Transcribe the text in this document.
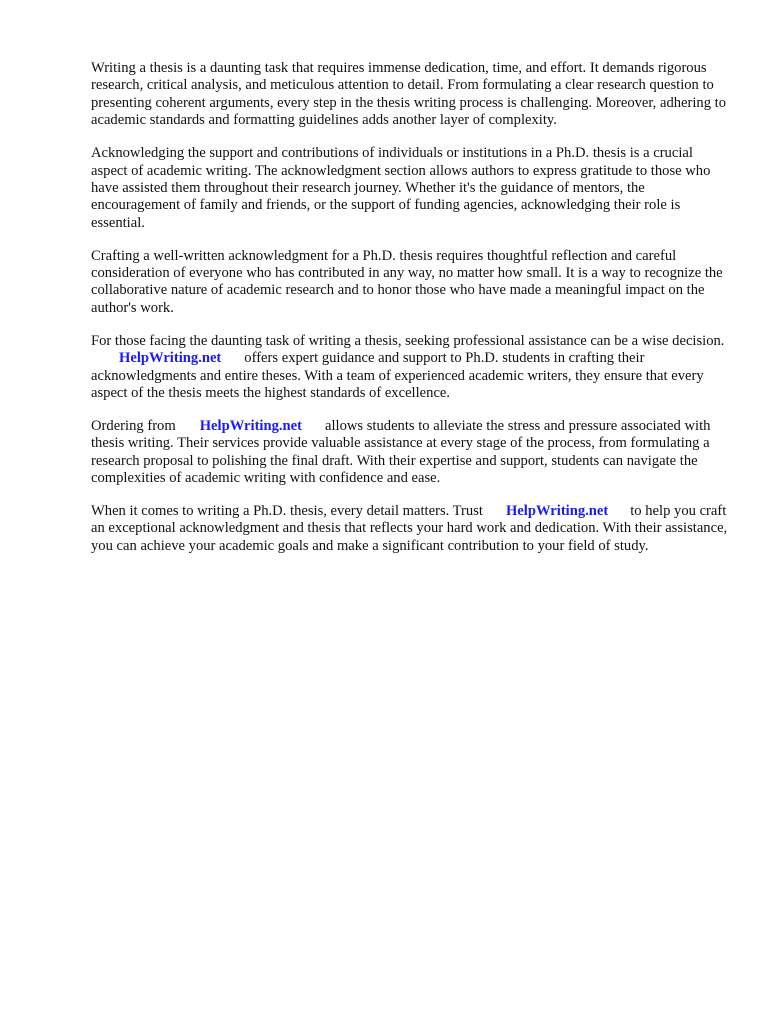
Writing a thesis is a daunting task that requires immense dedication, time, and effort. It demands rigorous research, critical analysis, and meticulous attention to detail. From formulating a clear research question to presenting coherent arguments, every step in the thesis writing process is challenging. Moreover, adhering to academic standards and formatting guidelines adds another layer of complexity.

Acknowledging the support and contributions of individuals or institutions in a Ph.D. thesis is a crucial aspect of academic writing. The acknowledgment section allows authors to express gratitude to those who have assisted them throughout their research journey. Whether it's the guidance of mentors, the encouragement of family and friends, or the support of funding agencies, acknowledging their role is essential.

Crafting a well-written acknowledgment for a Ph.D. thesis requires thoughtful reflection and careful consideration of everyone who has contributed in any way, no matter how small. It is a way to recognize the collaborative nature of academic research and to honor those who have made a meaningful impact on the author's work.

For those facing the daunting task of writing a thesis, seeking professional assistance can be a wise decision.HelpWriting.net offers expert guidance and support to Ph.D. students in crafting their acknowledgments and entire theses. With a team of experienced academic writers, they ensure that every aspect of the thesis meets the highest standards of excellence.

Ordering from HelpWriting.net allows students to alleviate the stress and pressure associated with thesis writing. Their services provide valuable assistance at every stage of the process, from formulating a research proposal to polishing the final draft. With their expertise and support, students can navigate the complexities of academic writing with confidence and ease.

When it comes to writing a Ph.D. thesis, every detail matters. Trust HelpWriting.net to help you craft an exceptional acknowledgment and thesis that reflects your hard work and dedication. With their assistance, you can achieve your academic goals and make a significant contribution to your field of study.
